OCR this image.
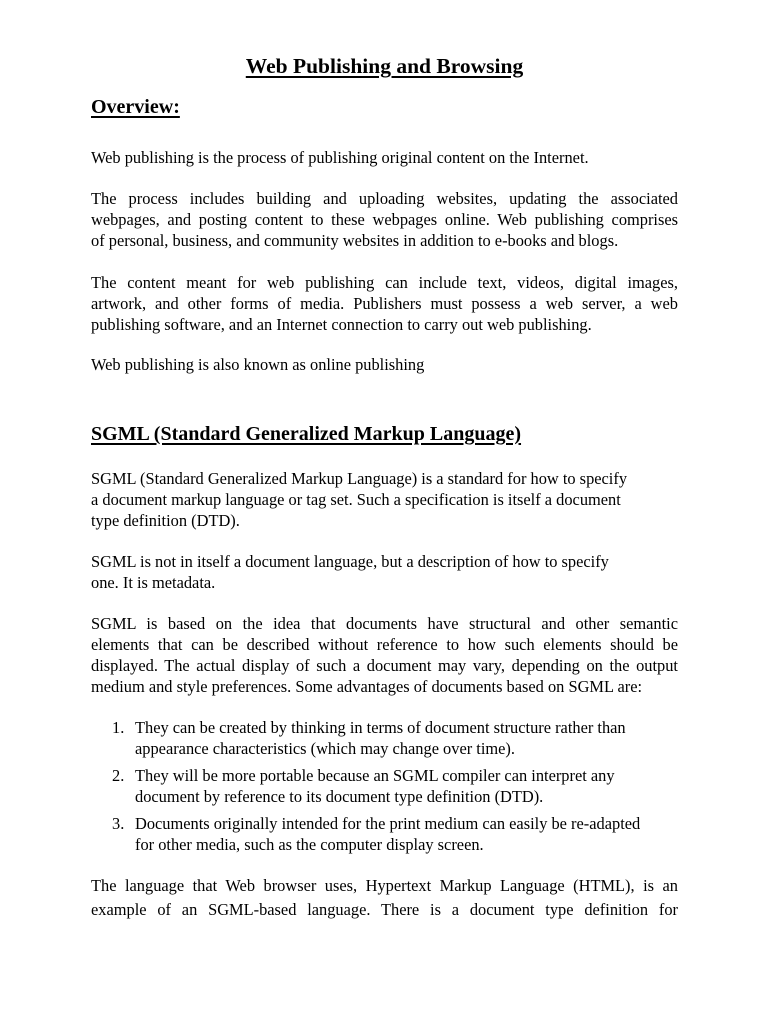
Web Publishing and Browsing
Overview:
Web publishing is the process of publishing original content on the Internet.
The process includes building and uploading websites, updating the associated
webpages, and posting content to these webpages online. Web publishing comprises
of personal, business, and community websites in addition to e-books and blogs.
The content meant for web publishing can include text, videos, digital images,
artwork, and other forms of media. Publishers must possess a web server, a web
publishing software, and an Internet connection to carry out web publishing.
Web publishing is also known as online publishing
SGML (Standard Generalized Markup Language)
SGML (Standard Generalized Markup Language) is a standard for how to specify
a document markup language or tag set. Such a specification is itself a document
type definition (DTD).
SGML is not in itself a document language, but a description of how to specify
one. It is metadata.
SGML is based on the idea that documents have structural and other semantic
elements that can be described without reference to how such elements should be
displayed. The actual display of such a document may vary, depending on the output
medium and style preferences. Some advantages of documents based on SGML are:
1. They can be created by thinking in terms of document structure rather than
appearance characteristics (which may change over time).
2. They will be more portable because an SGML compiler can interpret any
document by reference to its document type definition (DTD).
3. Documents originally intended for the print medium can easily be re-adapted
for other media, such as the computer display screen.
The language that Web browser uses, Hypertext Markup Language (HTML), is an
example of an SGML-based language. There is a document type definition for
